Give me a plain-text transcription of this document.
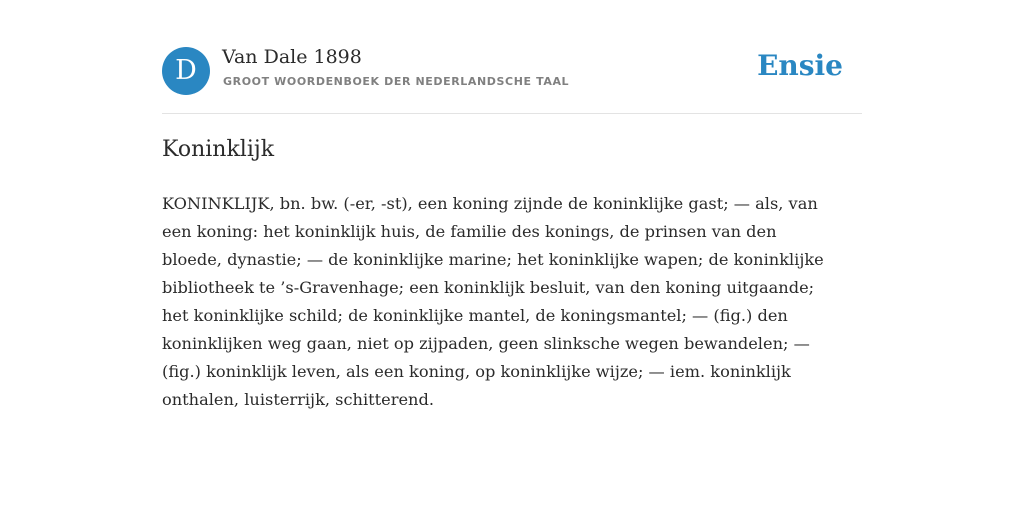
D	Van Dale 1898
GROOT WOORDENBOEK DER NEDERLANDSCHE TAAL	Ensie
Koninklijk

KONINKLIJK, bn. bw. (-er, -st), een koning zijnde de koninklijke gast; — als, van
een koning: het koninklijk huis, de familie des konings, de prinsen van den
bloede, dynastie; — de koninklijke marine; het koninklijke wapen; de koninklijke
bibliotheek te ’s-Gravenhage; een koninklijk besluit, van den koning uitgaande;
het koninklijke schild; de koninklijke mantel, de koningsmantel; — (fig.) den
koninklijken weg gaan, niet op zijpaden, geen slinksche wegen bewandelen; —
(fig.) koninklijk leven, als een koning, op koninklijke wijze; — iem. koninklijk
onthalen, luisterrijk, schitterend.
